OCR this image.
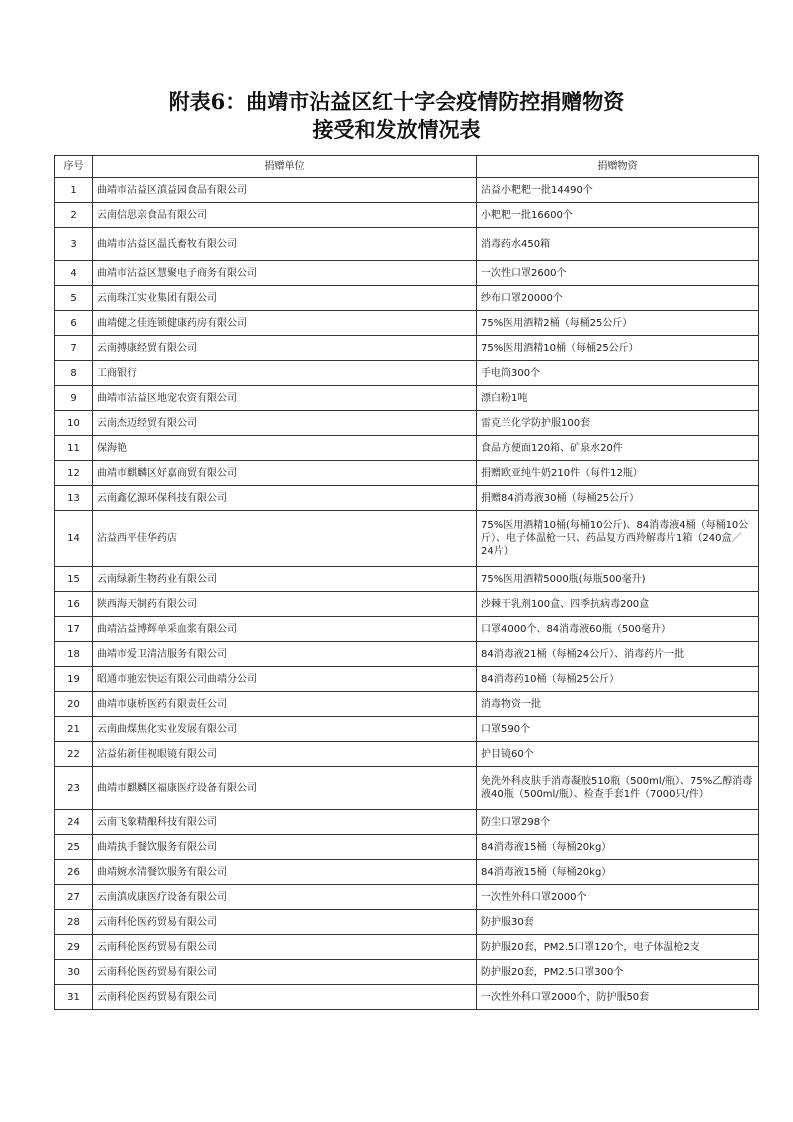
附表6：曲靖市沾益区红十字会疫情防控捐赠物资
接受和发放情况表
序号	捐赠单位	捐赠物资
1	曲靖市沾益区滇益园食品有限公司	沾益小粑粑一批14490个
2	云南信思亲食品有限公司	小粑粑一批16600个
3	曲靖市沾益区温氏畜牧有限公司	消毒药水450箱
4	曲靖市沾益区慧聚电子商务有限公司	一次性口罩2600个
5	云南珠江实业集团有限公司	纱布口罩20000个
6	曲靖健之佳连锁健康药房有限公司	75%医用酒精2桶（每桶25公斤）
7	云南搏康经贸有限公司	75%医用酒精10桶（每桶25公斤）
8	工商银行	手电筒300个
9	曲靖市沾益区地宠农资有限公司	漂白粉1吨
10	云南杰迈经贸有限公司	雷克兰化学防护服100套
11	保海艳	食品方便面120箱、矿泉水20件
12	曲靖市麒麟区好嘉商贸有限公司	捐赠欧亚纯牛奶210件（每件12瓶）
13	云南鑫亿源环保科技有限公司	捐赠84消毒液30桶（每桶25公斤）
14	沾益西平佳华药店	75%医用酒精10桶(每桶10公斤)、84消毒液4桶（每桶10公斤）、电子体温枪一只、药品复方西羚解毒片1箱（240盒／24片）
15	云南绿新生物药业有限公司	75%医用酒精5000瓶(每瓶500毫升)
16	陕西海天制药有限公司	沙棘干乳剂100盒、四季抗病毒200盒
17	曲靖沾益博辉单采血浆有限公司	口罩4000个、84消毒液60瓶（500毫升）
18	曲靖市爱卫清洁服务有限公司	84消毒液21桶（每桶24公斤）、消毒药片一批
19	昭通市驰宏快运有限公司曲靖分公司	84消毒药10桶（每桶25公斤）
20	曲靖市康桥医药有限责任公司	消毒物资一批
21	云南曲煤焦化实业发展有限公司	口罩590个
22	沾益佑新佳视眼镜有限公司	护目镜60个
23	曲靖市麒麟区福康医疗设备有限公司	免洗外科皮肤手消毒凝胶510瓶（500ml/瓶）、75%乙醇消毒液40瓶（500ml/瓶）、检查手套1件（7000只/件）
24	云南飞象精酿科技有限公司	防尘口罩298个
25	曲靖执手餐饮服务有限公司	84消毒液15桶（每桶20kg）
26	曲靖婉水清餐饮服务有限公司	84消毒液15桶（每桶20kg）
27	云南滇成康医疗设备有限公司	一次性外科口罩2000个
28	云南科伦医药贸易有限公司	防护服30套
29	云南科伦医药贸易有限公司	防护服20套，PM2.5口罩120个，电子体温枪2支
30	云南科伦医药贸易有限公司	防护服20套，PM2.5口罩300个
31	云南科伦医药贸易有限公司	一次性外科口罩2000个，防护服50套
